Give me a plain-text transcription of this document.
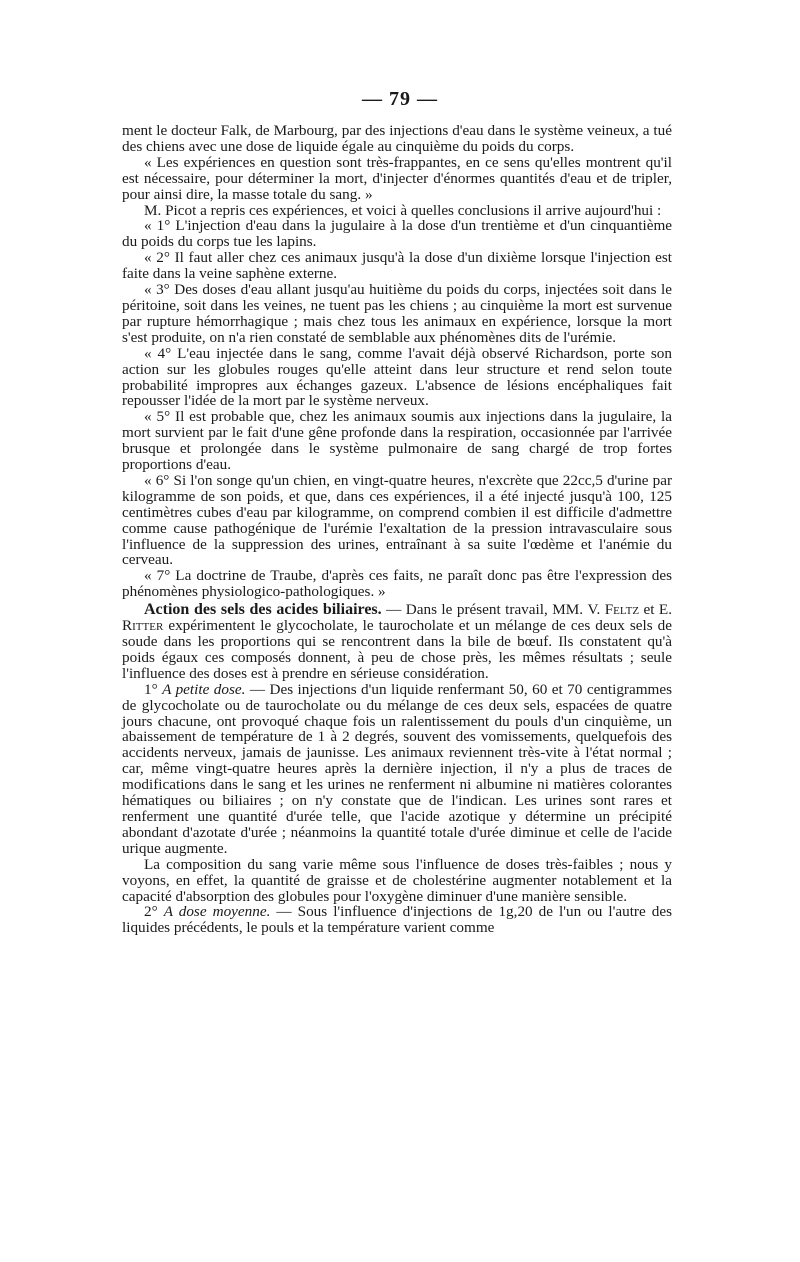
— 79 —

ment le docteur Falk, de Marbourg, par des injections d'eau dans le système veineux, a tué des chiens avec une dose de liquide égale au cinquième du poids du corps.

« Les expériences en question sont très-frappantes, en ce sens qu'elles montrent qu'il est nécessaire, pour déterminer la mort, d'injecter d'énormes quantités d'eau et de tripler, pour ainsi dire, la masse totale du sang. »

M. Picot a repris ces expériences, et voici à quelles conclusions il arrive aujourd'hui :

« 1° L'injection d'eau dans la jugulaire à la dose d'un trentième et d'un cinquantième du poids du corps tue les lapins.

« 2° Il faut aller chez ces animaux jusqu'à la dose d'un dixième lorsque l'injection est faite dans la veine saphène externe.

« 3° Des doses d'eau allant jusqu'au huitième du poids du corps, injectées soit dans le péritoine, soit dans les veines, ne tuent pas les chiens ; au cinquième la mort est survenue par rupture hémorrhagique ; mais chez tous les animaux en expérience, lorsque la mort s'est produite, on n'a rien constaté de semblable aux phénomènes dits de l'urémie.

« 4° L'eau injectée dans le sang, comme l'avait déjà observé Richardson, porte son action sur les globules rouges qu'elle atteint dans leur structure et rend selon toute probabilité impropres aux échanges gazeux. L'absence de lésions encéphaliques fait repousser l'idée de la mort par le système nerveux.

« 5° Il est probable que, chez les animaux soumis aux injections dans la jugulaire, la mort survient par le fait d'une gêne profonde dans la respiration, occasionnée par l'arrivée brusque et prolongée dans le système pulmonaire de sang chargé de trop fortes proportions d'eau.

« 6° Si l'on songe qu'un chien, en vingt-quatre heures, n'excrète que 22cc,5 d'urine par kilogramme de son poids, et que, dans ces expériences, il a été injecté jusqu'à 100, 125 centimètres cubes d'eau par kilogramme, on comprend combien il est difficile d'admettre comme cause pathogénique de l'urémie l'exaltation de la pression intravasculaire sous l'influence de la suppression des urines, entraînant à sa suite l'œdème et l'anémie du cerveau.

« 7° La doctrine de Traube, d'après ces faits, ne paraît donc pas être l'expression des phénomènes physiologico-pathologiques. »

Action des sels des acides biliaires. — Dans le présent travail, MM. V. Feltz et E. Ritter expérimentent le glycocholate, le taurocholate et un mélange de ces deux sels de soude dans les proportions qui se rencontrent dans la bile de bœuf. Ils constatent qu'à poids égaux ces composés donnent, à peu de chose près, les mêmes résultats ; seule l'influence des doses est à prendre en sérieuse considération.

1° A petite dose. — Des injections d'un liquide renfermant 50, 60 et 70 centigrammes de glycocholate ou de taurocholate ou du mélange de ces deux sels, espacées de quatre jours chacune, ont provoqué chaque fois un ralentissement du pouls d'un cinquième, un abaissement de température de 1 à 2 degrés, souvent des vomissements, quelquefois des accidents nerveux, jamais de jaunisse. Les animaux reviennent très-vite à l'état normal ; car, même vingt-quatre heures après la dernière injection, il n'y a plus de traces de modifications dans le sang et les urines ne renferment ni albumine ni matières colorantes hématiques ou biliaires ; on n'y constate que de l'indican. Les urines sont rares et renferment une quantité d'urée telle, que l'acide azotique y détermine un précipité abondant d'azotate d'urée ; néanmoins la quantité totale d'urée diminue et celle de l'acide urique augmente.

La composition du sang varie même sous l'influence de doses très-faibles ; nous y voyons, en effet, la quantité de graisse et de cholestérine augmenter notablement et la capacité d'absorption des globules pour l'oxygène diminuer d'une manière sensible.

2° A dose moyenne. — Sous l'influence d'injections de 1g,20 de l'un ou l'autre des liquides précédents, le pouls et la température varient comme
